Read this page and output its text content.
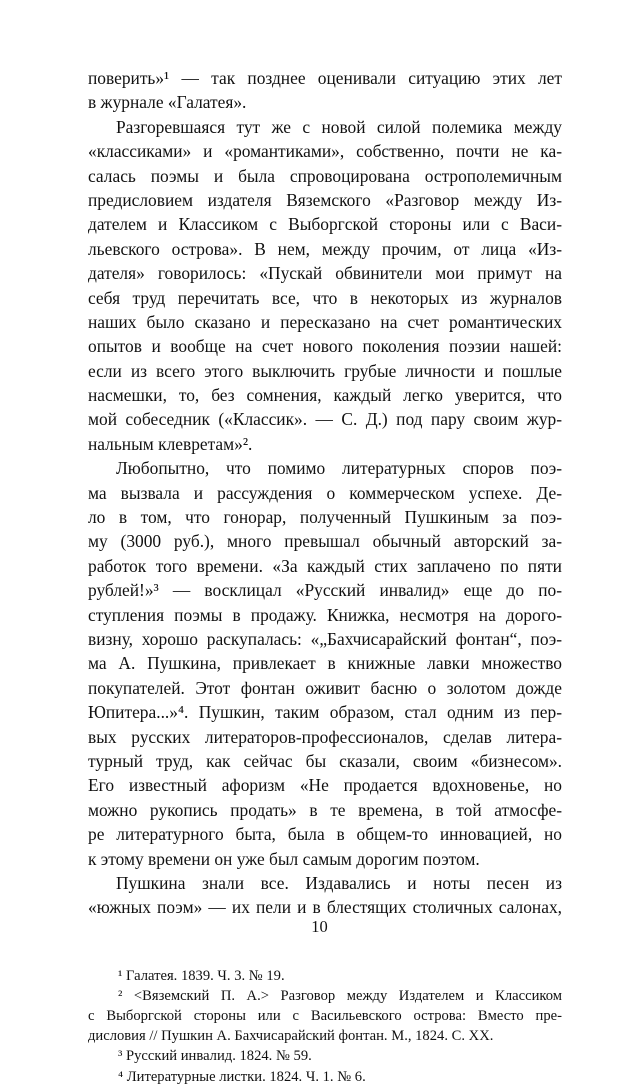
поверить»¹ — так позднее оценивали ситуацию этих лет
в журнале «Галатея».
Разгоревшаяся тут же с новой силой полемика между
«классиками» и «романтиками», собственно, почти не ка-
салась поэмы и была спровоцирована острополемичным
предисловием издателя Вяземского «Разговор между Из-
дателем и Классиком с Выборгской стороны или с Васи-
льевского острова». В нем, между прочим, от лица «Из-
дателя» говорилось: «Пускай обвинители мои примут на
себя труд перечитать все, что в некоторых из журналов
наших было сказано и пересказано на счет романтических
опытов и вообще на счет нового поколения поэзии нашей:
если из всего этого выключить грубые личности и пошлые
насмешки, то, без сомнения, каждый легко уверится, что
мой собеседник («Классик». — С. Д.) под пару своим жур-
нальным клевретам»².
Любопытно, что помимо литературных споров поэ-
ма вызвала и рассуждения о коммерческом успехе. Де-
ло в том, что гонорар, полученный Пушкиным за поэ-
му (3000 руб.), много превышал обычный авторский за-
работок того времени. «За каждый стих заплачено по пяти
рублей!»³ — восклицал «Русский инвалид» еще до по-
ступления поэмы в продажу. Книжка, несмотря на дорого-
визну, хорошо раскупалась: «„Бахчисарайский фонтан“, поэ-
ма А. Пушкина, привлекает в книжные лавки множество
покупателей. Этот фонтан оживит басню о золотом дожде
Юпитера...»⁴. Пушкин, таким образом, стал одним из пер-
вых русских литераторов-профессионалов, сделав литера-
турный труд, как сейчас бы сказали, своим «бизнесом».
Его известный афоризм «Не продается вдохновенье, но
можно рукопись продать» в те времена, в той атмосфе-
ре литературного быта, была в общем-то инновацией, но
к этому времени он уже был самым дорогим поэтом.
Пушкина знали все. Издавались и ноты песен из
«южных поэм» — их пели и в блестящих столичных салонах,
¹ Галатея. 1839. Ч. 3. № 19.
² <Вяземский П. А.> Разговор между Издателем и Классиком
с Выборгской стороны или с Васильевского острова: Вместо пре-
дисловия // Пушкин А. Бахчисарайский фонтан. М., 1824. С. XX.
³ Русский инвалид. 1824. № 59.
⁴ Литературные листки. 1824. Ч. 1. № 6.
10
